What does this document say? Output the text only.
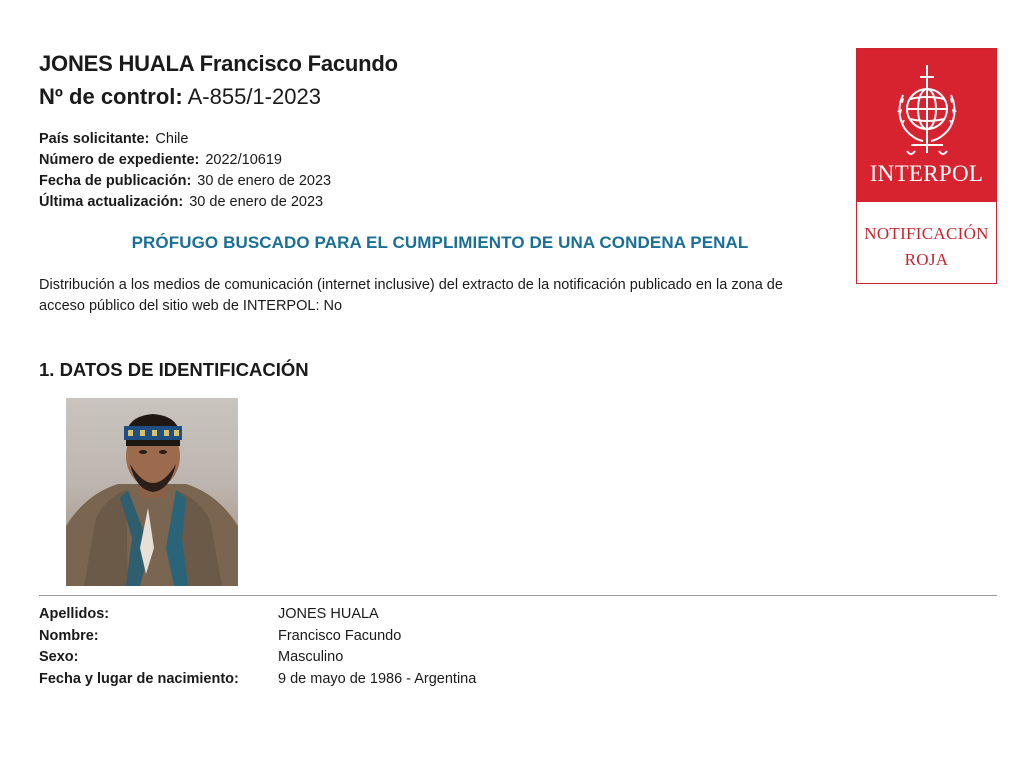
JONES HUALA Francisco Facundo
Nº de control: A-855/1-2023
País solicitante: Chile
Número de expediente: 2022/10619
Fecha de publicación: 30 de enero de 2023
Última actualización: 30 de enero de 2023
PRÓFUGO BUSCADO PARA EL CUMPLIMIENTO DE UNA CONDENA PENAL
Distribución a los medios de comunicación (internet inclusive) del extracto de la notificación publicado en la zona de
acceso público del sitio web de INTERPOL: No
1. DATOS DE IDENTIFICACIÓN
Apellidos:	JONES HUALA
Nombre:	Francisco Facundo
Sexo:	Masculino
Fecha y lugar de nacimiento:	9 de mayo de 1986 - Argentina
INTERPOL
NOTIFICACIÓN
ROJA
